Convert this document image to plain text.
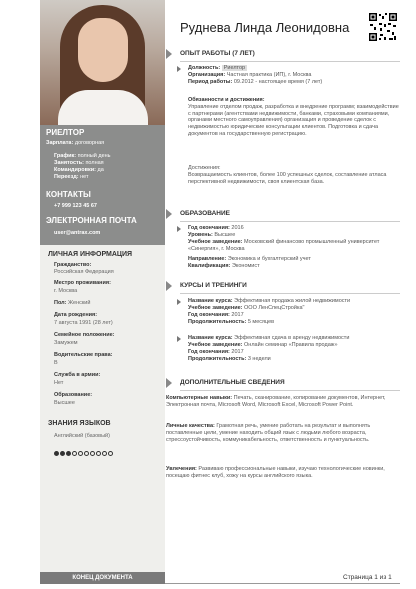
РИЕЛТОР
Зарплата: договорная
График: полный день
Занятость: полная
Командировки: да
Переезд: нет
КОНТАКТЫ
+7 999 123 45 67
ЭЛЕКТРОННАЯ ПОЧТА
user@antrax.com
ЛИЧНАЯ ИНФОРМАЦИЯ
Гражданство:
Российская Федерация
Местро проживания:
г. Москва
Пол: Женский
Дата рождения:
7 августа 1991 (28 лет)
Семейное положение:
Замужем
Водительские права:
B
Служба в армии:
Нет
Образование:
Высшее
ЗНАНИЯ ЯЗЫКОВ
Английский (базовый)
Руднева Линда Леонидовна
ОПЫТ РАБОТЫ (7 ЛЕТ)
Должность: Риелтор
Организация: Частная практика (ИП), г. Москва
Период работы: 09.2012 - настоящее время (7 лет)
Обязанности и достижения:
Управление отделом продаж, разработка и внедрение программ; взаимодействие с партнерами (агентствами недвижимости, банками, страховыми компаниями, органами местного самоуправления) организация и проведение сделок с недвижимостью юридические консультации клиентов. Подготовка и сдача документов на государственную регистрацию.
Достижения:
Возвращаемость клиентов, более 100 успешных сделок, составление атласа перспективной недвижимости, своя клиентская база.
ОБРАЗОВАНИЕ
Год окончания: 2016
Уровень: Высшее
Учебное заведение: Московский финансово промышленный университет «Синергия», г. Москва
Направление: Экономика и бухгалтерский учет
Квалификация: Экономист
КУРСЫ И ТРЕНИНГИ
Название курса: Эффективная продажа жилой недвижимости
Учебное заведение: ООО ЛенСпецСтройка"
Год окончания: 2017
Продолжительность: 5 месяцев
Название курса: Эффективная сдача в аренду недвижимости
Учебное заведение: Онлайн семинар «Правила продаж»
Год окончания: 2017
Продолжительность: 3 недели
ДОПОЛНИТЕЛЬНЫЕ СВЕДЕНИЯ
Компьютерные навыки: Печать, сканирование, копирование документов, Интернет, Электронная почта, Microsoft Word, Microsoft Excel, Microsoft Power Point.
Личные качества: Грамотная речь, умение работать на результат и выполнять поставленные цели, умение находить общий язык с людьми любого возраста, стрессоустойчивость, коммуникабельность, ответственность и пунктуальность.
Увлечения: Развиваю профессиональные навыки, изучаю технологические новинки, посещаю фитнес клуб, хожу на курсы английского языка.
КОНЕЦ ДОКУМЕНТА	Страница 1 из 1
